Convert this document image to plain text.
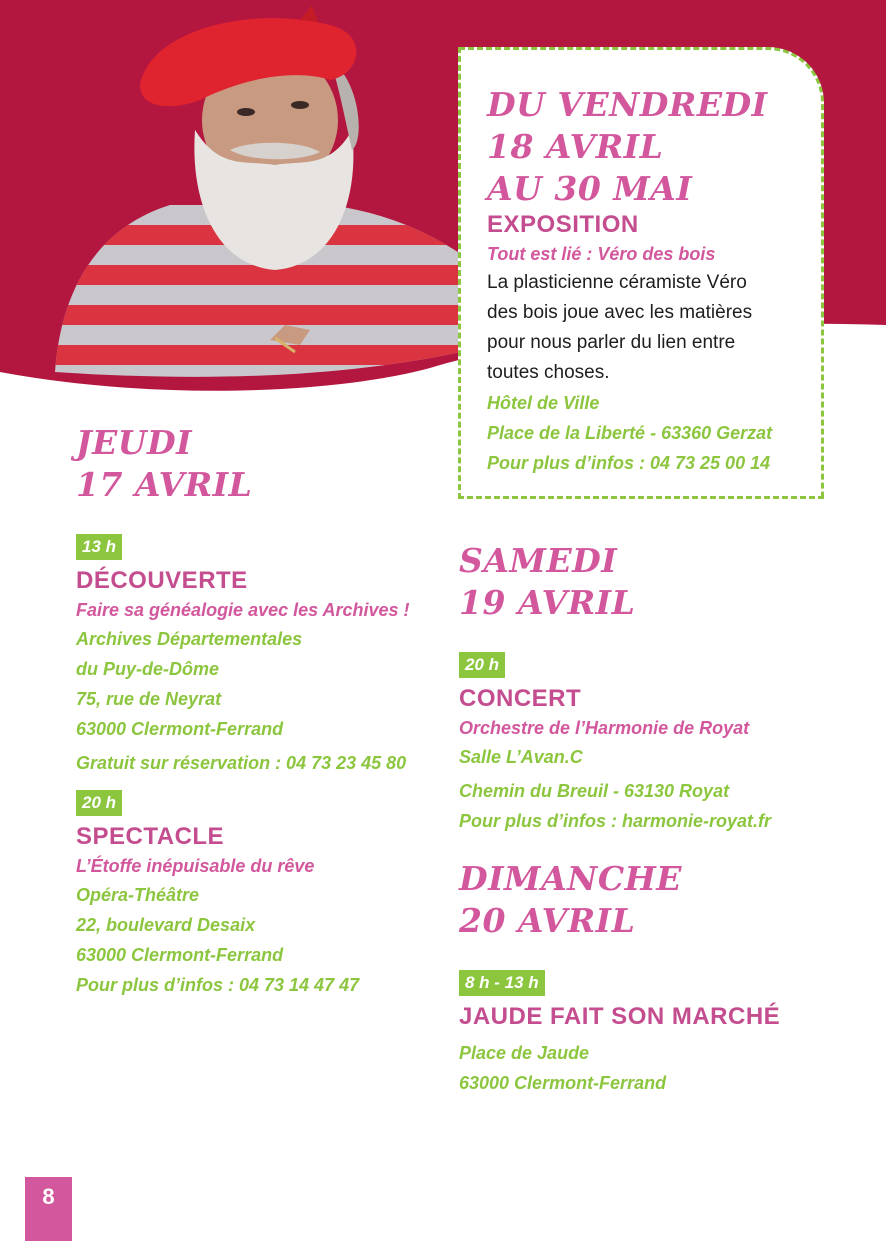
DU VENDREDI

18 AVRIL

AU 30 MAI

EXPOSITION

Tout est lié : Véro des bois

La plasticienne céramiste Véro

des bois joue avec les matières

pour nous parler du lien entre

toutes choses.

Hôtel de Ville

Place de la Liberté - 63360 Gerzat

Pour plus d’infos : 04 73 25 00 14

JEUDI

17 AVRIL

13 h

DÉCOUVERTE

Faire sa généalogie avec les Archives !

Archives Départementales

du Puy-de-Dôme

75, rue de Neyrat

63000 Clermont-Ferrand

Gratuit sur réservation : 04 73 23 45 80

20 h

SPECTACLE

L’Étoffe inépuisable du rêve

Opéra-Théâtre

22, boulevard Desaix

63000 Clermont-Ferrand

Pour plus d’infos : 04 73 14 47 47

SAMEDI

19 AVRIL

20 h

CONCERT

Orchestre de l’Harmonie de Royat

Salle L’Avan.C

Chemin du Breuil - 63130 Royat

Pour plus d’infos : harmonie-royat.fr

DIMANCHE

20 AVRIL

8 h - 13 h

JAUDE FAIT SON MARCHÉ

Place de Jaude

63000 Clermont-Ferrand

8
